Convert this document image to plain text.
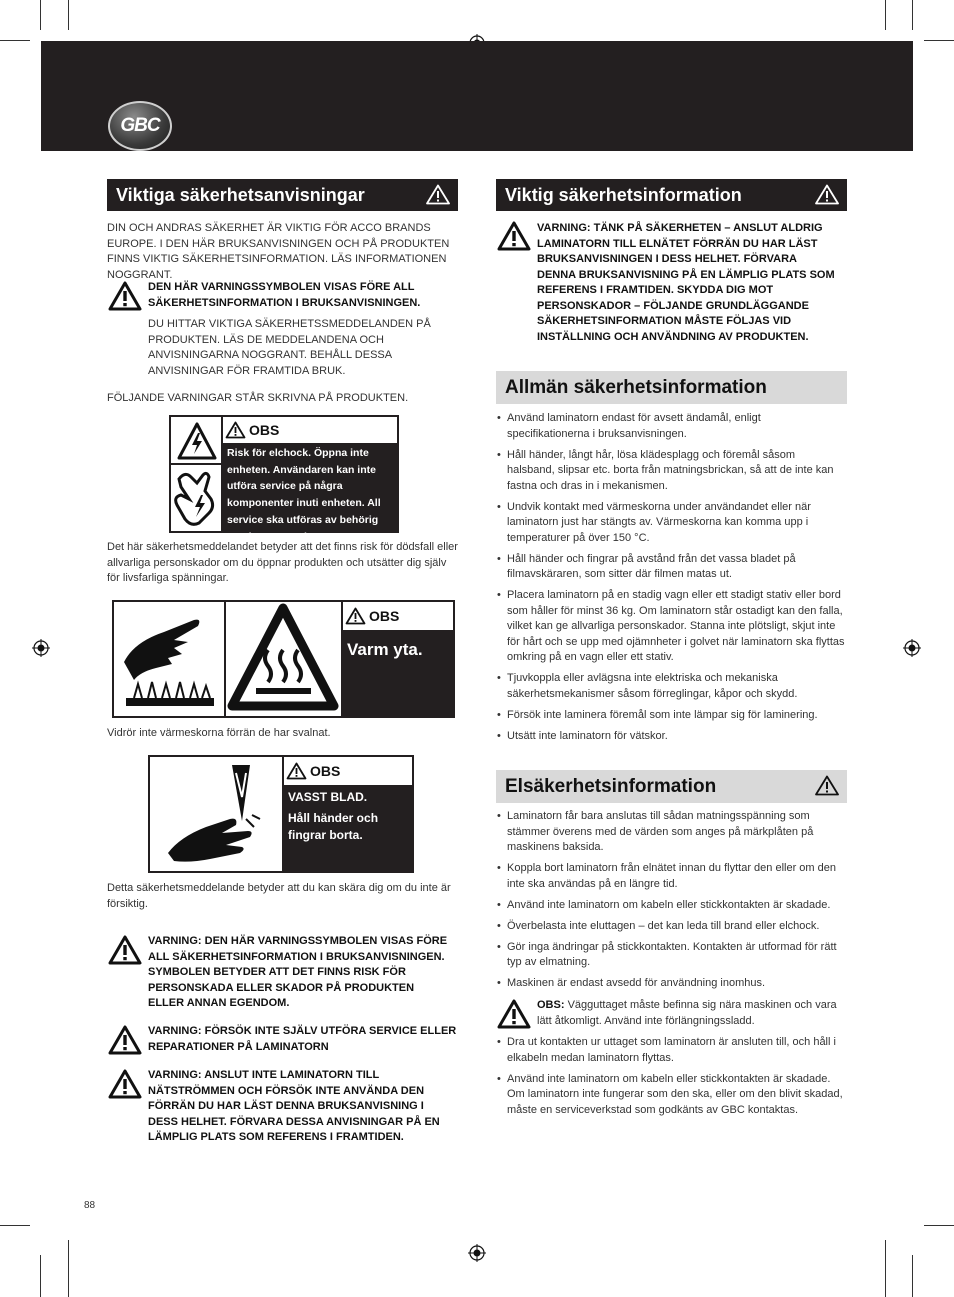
GBC
Viktiga säkerhetsanvisningar
DIN OCH ANDRAS SÄKERHET ÄR VIKTIG FÖR ACCO BRANDS EUROPE. I DEN HÄR BRUKSANVISNINGEN OCH PÅ PRODUKTEN FINNS VIKTIG SÄKERHETSINFORMATION. LÄS INFORMATIONEN NOGGRANT.
DEN HÄR VARNINGSSYMBOLEN VISAS FÖRE ALL SÄKERHETSINFORMATION I BRUKSANVISNINGEN.
DU HITTAR VIKTIGA SÄKERHETSSMEDDELANDEN PÅ PRODUKTEN. LÄS DE MEDDELANDENA OCH ANVISNINGARNA NOGGRANT. BEHÅLL DESSA ANVISNINGAR FÖR FRAMTIDA BRUK.
FÖLJANDE VARNINGAR STÅR SKRIVNA PÅ PRODUKTEN.
OBS
Risk för elchock. Öppna inte enheten. Användaren kan inte utföra service på några komponenter inuti enheten. All service ska utföras av behörig servicepersonal.
Det här säkerhetsmeddelandet betyder att det finns risk för dödsfall eller allvarliga personskador om du öppnar produkten och utsätter dig själv för livsfarliga spänningar.
OBS
Varm yta.
Vidrör inte värmeskorna förrän de har svalnat.
OBS
VASST BLAD.
Håll händer och fingrar borta.
Detta säkerhetsmeddelande betyder att du kan skära dig om du inte är försiktig.
VARNING: DEN HÄR VARNINGSSYMBOLEN VISAS FÖRE ALL SÄKERHETSINFORMATION I BRUKSANVISNINGEN. SYMBOLEN BETYDER ATT DET FINNS RISK FÖR PERSONSKADA ELLER SKADOR PÅ PRODUKTEN ELLER ANNAN EGENDOM.
VARNING: FÖRSÖK INTE SJÄLV UTFÖRA SERVICE ELLER REPARATIONER PÅ LAMINATORN
VARNING: ANSLUT INTE LAMINATORN TILL NÄTSTRÖMMEN OCH FÖRSÖK INTE ANVÄNDA DEN FÖRRÄN DU HAR LÄST DENNA BRUKSANVISNING I DESS HELHET. FÖRVARA DESSA ANVISNINGAR PÅ EN LÄMPLIG PLATS SOM REFERENS I FRAMTIDEN.
88
Viktig säkerhetsinformation
VARNING: TÄNK PÅ SÄKERHETEN – ANSLUT ALDRIG LAMINATORN TILL ELNÄTET FÖRRÄN DU HAR LÄST BRUKSANVISNINGEN I DESS HELHET. FÖRVARA DENNA BRUKSANVISNING PÅ EN LÄMPLIG PLATS SOM REFERENS I FRAMTIDEN. SKYDDA DIG MOT PERSONSKADOR – FÖLJANDE GRUNDLÄGGANDE SÄKERHETSINFORMATION MÅSTE FÖLJAS VID INSTÄLLNING OCH ANVÄNDNING AV PRODUKTEN.
Allmän säkerhetsinformation
• Använd laminatorn endast för avsett ändamål, enligt specifikationerna i bruksanvisningen.
• Håll händer, långt hår, lösa klädesplagg och föremål såsom halsband, slipsar etc. borta från matningsbrickan, så att de inte kan fastna och dras in i mekanismen.
• Undvik kontakt med värmeskorna under användandet eller när laminatorn just har stängts av. Värmeskorna kan komma upp i temperaturer på över 150 °C.
• Håll händer och fingrar på avstånd från det vassa bladet på filmavskäraren, som sitter där filmen matas ut.
• Placera laminatorn på en stadig vagn eller ett stadigt stativ eller bord som håller för minst 36 kg. Om laminatorn står ostadigt kan den falla, vilket kan ge allvarliga personskador. Stanna inte plötsligt, skjut inte för hårt och se upp med ojämnheter i golvet när laminatorn ska flyttas omkring på en vagn eller ett stativ.
• Tjuvkoppla eller avlägsna inte elektriska och mekaniska säkerhetsmekanismer såsom förreglingar, kåpor och skydd.
• Försök inte laminera föremål som inte lämpar sig för laminering.
• Utsätt inte laminatorn för vätskor.
Elsäkerhetsinformation
• Laminatorn får bara anslutas till sådan matningsspänning som stämmer överens med de värden som anges på märkplåten på maskinens baksida.
• Koppla bort laminatorn från elnätet innan du flyttar den eller om den inte ska användas på en längre tid.
• Använd inte laminatorn om kabeln eller stickkontakten är skadade.
• Överbelasta inte eluttagen – det kan leda till brand eller elchock.
• Gör inga ändringar på stickkontakten. Kontakten är utformad för rätt typ av elmatning.
• Maskinen är endast avsedd för användning inomhus.
OBS: Vägguttaget måste befinna sig nära maskinen och vara lätt åtkomligt. Använd inte förlängningssladd.
• Dra ut kontakten ur uttaget som laminatorn är ansluten till, och håll i elkabeln medan laminatorn flyttas.
• Använd inte laminatorn om kabeln eller stickkontakten är skadade. Om laminatorn inte fungerar som den ska, eller om den blivit skadad, måste en serviceverkstad som godkänts av GBC kontaktas.
